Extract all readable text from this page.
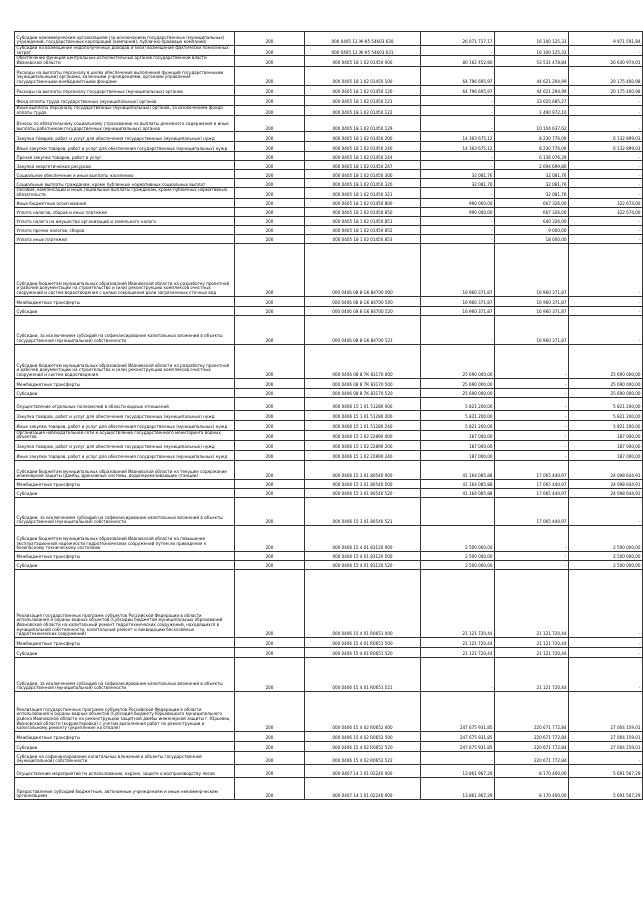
Субсидии некоммерческим организациям (за исключением государственных (муниципальных) учреждений, государственных корпораций (компаний), публично-правовых компаний)	200	000 0405 13 Ж К5 54603 630	26 071 717,17	16 100 125,33	9 971 591,84
Субсидии на возмещение недополученных доходов и (или) возмещение фактически понесенных затрат	200	000 0405 13 Ж К5 54603 631	-	16 100 125,33	-
Обеспечение функций центральных исполнительных органов государственной власти Ивановской области	200	000 0405 18 1 02 01450 000	80 162 452,80	53 531 478,84	26 630 974,01
Расходы на выплаты персоналу в целях обеспечения выполнения функций государственными (муниципальными) органами, казенными учреждениями, органами управления государственными внебюджетными фондами	200	000 0405 18 1 02 01450 100	64 796 695,97	44 621 294,99	20 175 400,98
Расходы на выплаты персоналу государственных (муниципальных) органов	200	000 0405 18 1 02 01450 120	64 796 695,97	44 621 294,99	20 175 400,98
Фонд оплаты труда государственных (муниципальных) органов	200	000 0405 18 1 02 01450 121	-	33 025 685,27	-
Иные выплаты персоналу государственных (муниципальных) органов, за исключением фонда оплаты труда	200	000 0405 18 1 02 01450 122	-	1 490 972,10	-
Взносы по обязательному социальному страхованию на выплаты денежного содержания и иные выплаты работникам государственных (муниципальных) органов	200	000 0405 18 1 02 01450 129	-	10 104 637,62	-
Закупка товаров, работ и услуг для обеспечения государственных (муниципальных) нужд	200	000 0405 18 1 02 01450 200	14 363 675,12	8 230 776,09	6 132 899,03
Иные закупки товаров, работ и услуг для обеспечения государственных (муниципальных) нужд	200	000 0405 18 1 02 01450 240	14 363 675,12	8 230 776,09	6 132 899,03
Прочая закупка товаров, работ и услуг	200	000 0405 18 1 02 01450 244	-	6 136 076,29	-
Закупка энергетических ресурсов	200	000 0405 18 1 02 01450 247	-	2 094 699,80	-
Социальное обеспечение и иные выплаты населению	200	000 0405 18 1 02 01450 300	32 081,76	32 081,76	-
Социальные выплаты гражданам, кроме публичных нормативных социальных выплат	200	000 0405 18 1 02 01450 320	32 081,76	32 081,76	-
Пособия, компенсации и иные социальные выплаты гражданам, кроме публичных нормативных обязательств	200	000 0405 18 1 02 01450 321	-	32 081,76	-
Иные бюджетные ассигнования	200	000 0405 18 1 02 01450 800	990 000,00	667 326,00	322 674,00
Уплата налогов, сборов и иных платежей	200	000 0405 18 1 02 01450 850	990 000,00	667 326,00	322 674,00
Уплата налога на имущество организаций и земельного налога	200	000 0405 18 1 02 01450 851	-	640 326,00	-
Уплата прочих налогов, сборов	200	000 0405 18 1 02 01450 852	-	9 000,00	-
Уплата иных платежей	200	000 0405 18 1 02 01450 853	-	18 000,00	-
Субсидии бюджетам муниципальных образований Ивановской области на разработку проектной и рабочей документации на строительство и (или) реконструкцию комплексов очистных сооружений и систем водоотведения с целью сокращения доли загрязненных сточных вод	200	000 0406 08 8 G6 84700 000	16 960 371,87	16 960 371,87	-
Межбюджетные трансферты	200	000 0406 08 8 G6 84700 500	16 960 371,87	16 960 371,87	-
Субсидии	200	000 0406 08 8 G6 84700 520	16 960 371,87	16 960 371,87	-
Субсидии, за исключением субсидий на софинансирование капитальных вложений в объекты государственной (муниципальной) собственности	200	000 0406 08 8 G6 84700 521	-	16 960 371,87	-
Субсидии бюджетам муниципальных образований Ивановской области на разработку проектной и рабочей документации на строительство и (или) реконструкцию комплексов очистных сооружений и систем водоотведения	200	000 0406 08 8 7К 83170 000	25 690 000,00	-	25 690 000,00
Межбюджетные трансферты	200	000 0406 08 8 7К 83170 500	25 690 000,00	-	25 690 000,00
Субсидии	200	000 0406 08 8 7К 83170 520	25 690 000,00	-	25 690 000,00
Осуществление отдельных полномочий в области водных отношений	200	000 0406 15 1 01 51280 000	5 821 200,00	-	5 821 200,00
Закупка товаров, работ и услуг для обеспечения государственных (муниципальных) нужд	200	000 0406 15 1 01 51280 200	5 821 200,00	-	5 821 200,00
Иные закупки товаров, работ и услуг для обеспечения государственных (муниципальных) нужд	200	000 0406 15 1 01 51280 240	5 821 200,00	-	5 821 200,00
Организация наблюдательной сети и осуществление государственного мониторинга водных объектов	200	000 0406 15 1 02 22890 000	187 000,00	-	187 000,00
Закупка товаров, работ и услуг для обеспечения государственных (муниципальных) нужд	200	000 0406 15 1 02 22890 200	187 000,00	-	187 000,00
Иные закупки товаров, работ и услуг для обеспечения государственных (муниципальных) нужд	200	000 0406 15 1 02 22890 240	187 000,00	-	187 000,00
Субсидии бюджетам муниципальных образований Ивановской области на текущее содержание инженерной защиты (дамбы, дренажные системы, водоперекачивающие станции)	200	000 0406 15 3 01 80540 000	41 164 085,88	17 065 440,97	24 098 644,91
Межбюджетные трансферты	200	000 0406 15 3 01 80540 500	41 164 085,88	17 065 440,97	24 098 644,91
Субсидии	200	000 0406 15 3 01 80540 520	41 164 085,88	17 065 440,97	24 098 644,91
Субсидии, за исключением субсидий на софинансирование капитальных вложений в объекты государственной (муниципальной) собственности	200	000 0406 15 3 01 80540 521	-	17 065 440,97	-
Субсидии бюджетам муниципальных образований Ивановской области на повышение эксплуатационной надежности гидротехнических сооружений путем их приведения к безопасному техническому состоянию	200	000 0406 15 4 01 83120 000	2 500 000,00	-	2 500 000,00
Межбюджетные трансферты	200	000 0406 15 4 01 83120 500	2 500 000,00	-	2 500 000,00
Субсидии	200	000 0406 15 4 01 83120 520	2 500 000,00	-	2 500 000,00
Реализация государственных программ субъектов Российской Федерации в области использования и охраны водных объектов (Субсидии бюджетам муниципальных образований Ивановской области на капитальный ремонт гидротехнических сооружений, находящихся в муниципальной собственности, капитальный ремонт и ликвидацию бесхозяйных гидротехнических сооружений)	200	000 0406 15 4 01 R0651 000	21 121 720,44	21 121 720,44	-
Межбюджетные трансферты	200	000 0406 15 4 01 R0651 500	21 121 720,44	21 121 720,44	-
Субсидии	200	000 0406 15 4 01 R0651 520	21 121 720,44	21 121 720,44	-
Субсидии, за исключением субсидий на софинансирование капитальных вложений в объекты государственной (муниципальной) собственности	200	000 0406 15 4 01 R0651 521	-	21 121 720,44	-
Реализация государственных программ субъектов Российской Федерации в области использования и охраны водных объектов (Субсидия бюджету Юрьевецкого муниципального района Ивановской области на реконструкцию защитной дамбы инженерной защиты г. Юрьевец Ивановской области (корректировка) с учетом выполнения работ по реконструкции и капитальному ремонту (укрепление на отвале)	200	000 0406 15 4 02 R0652 000	247 675 931,85	220 671 772,84	27 004 159,01
Межбюджетные трансферты	200	000 0406 15 4 02 R0652 500	247 675 931,85	220 671 772,84	27 004 159,01
Субсидии	200	000 0406 15 4 02 R0652 520	247 675 931,85	220 671 772,84	27 004 159,01
Субсидии на софинансирование капитальных вложений в объекты государственной (муниципальной) собственности	200	000 0406 15 4 02 R0652 522	-	220 671 772,84	-
Осуществление мероприятий по использованию, охране, защите и воспроизводству лесов	200	000 0407 14 1 01 02240 000	13 861 967,29	8 170 400,00	5 691 567,29
Предоставление субсидий бюджетным, автономным учреждениям и иным некоммерческим организациям	200	000 0407 14 1 01 02240 600	13 861 967,29	8 170 400,00	5 691 567,29
